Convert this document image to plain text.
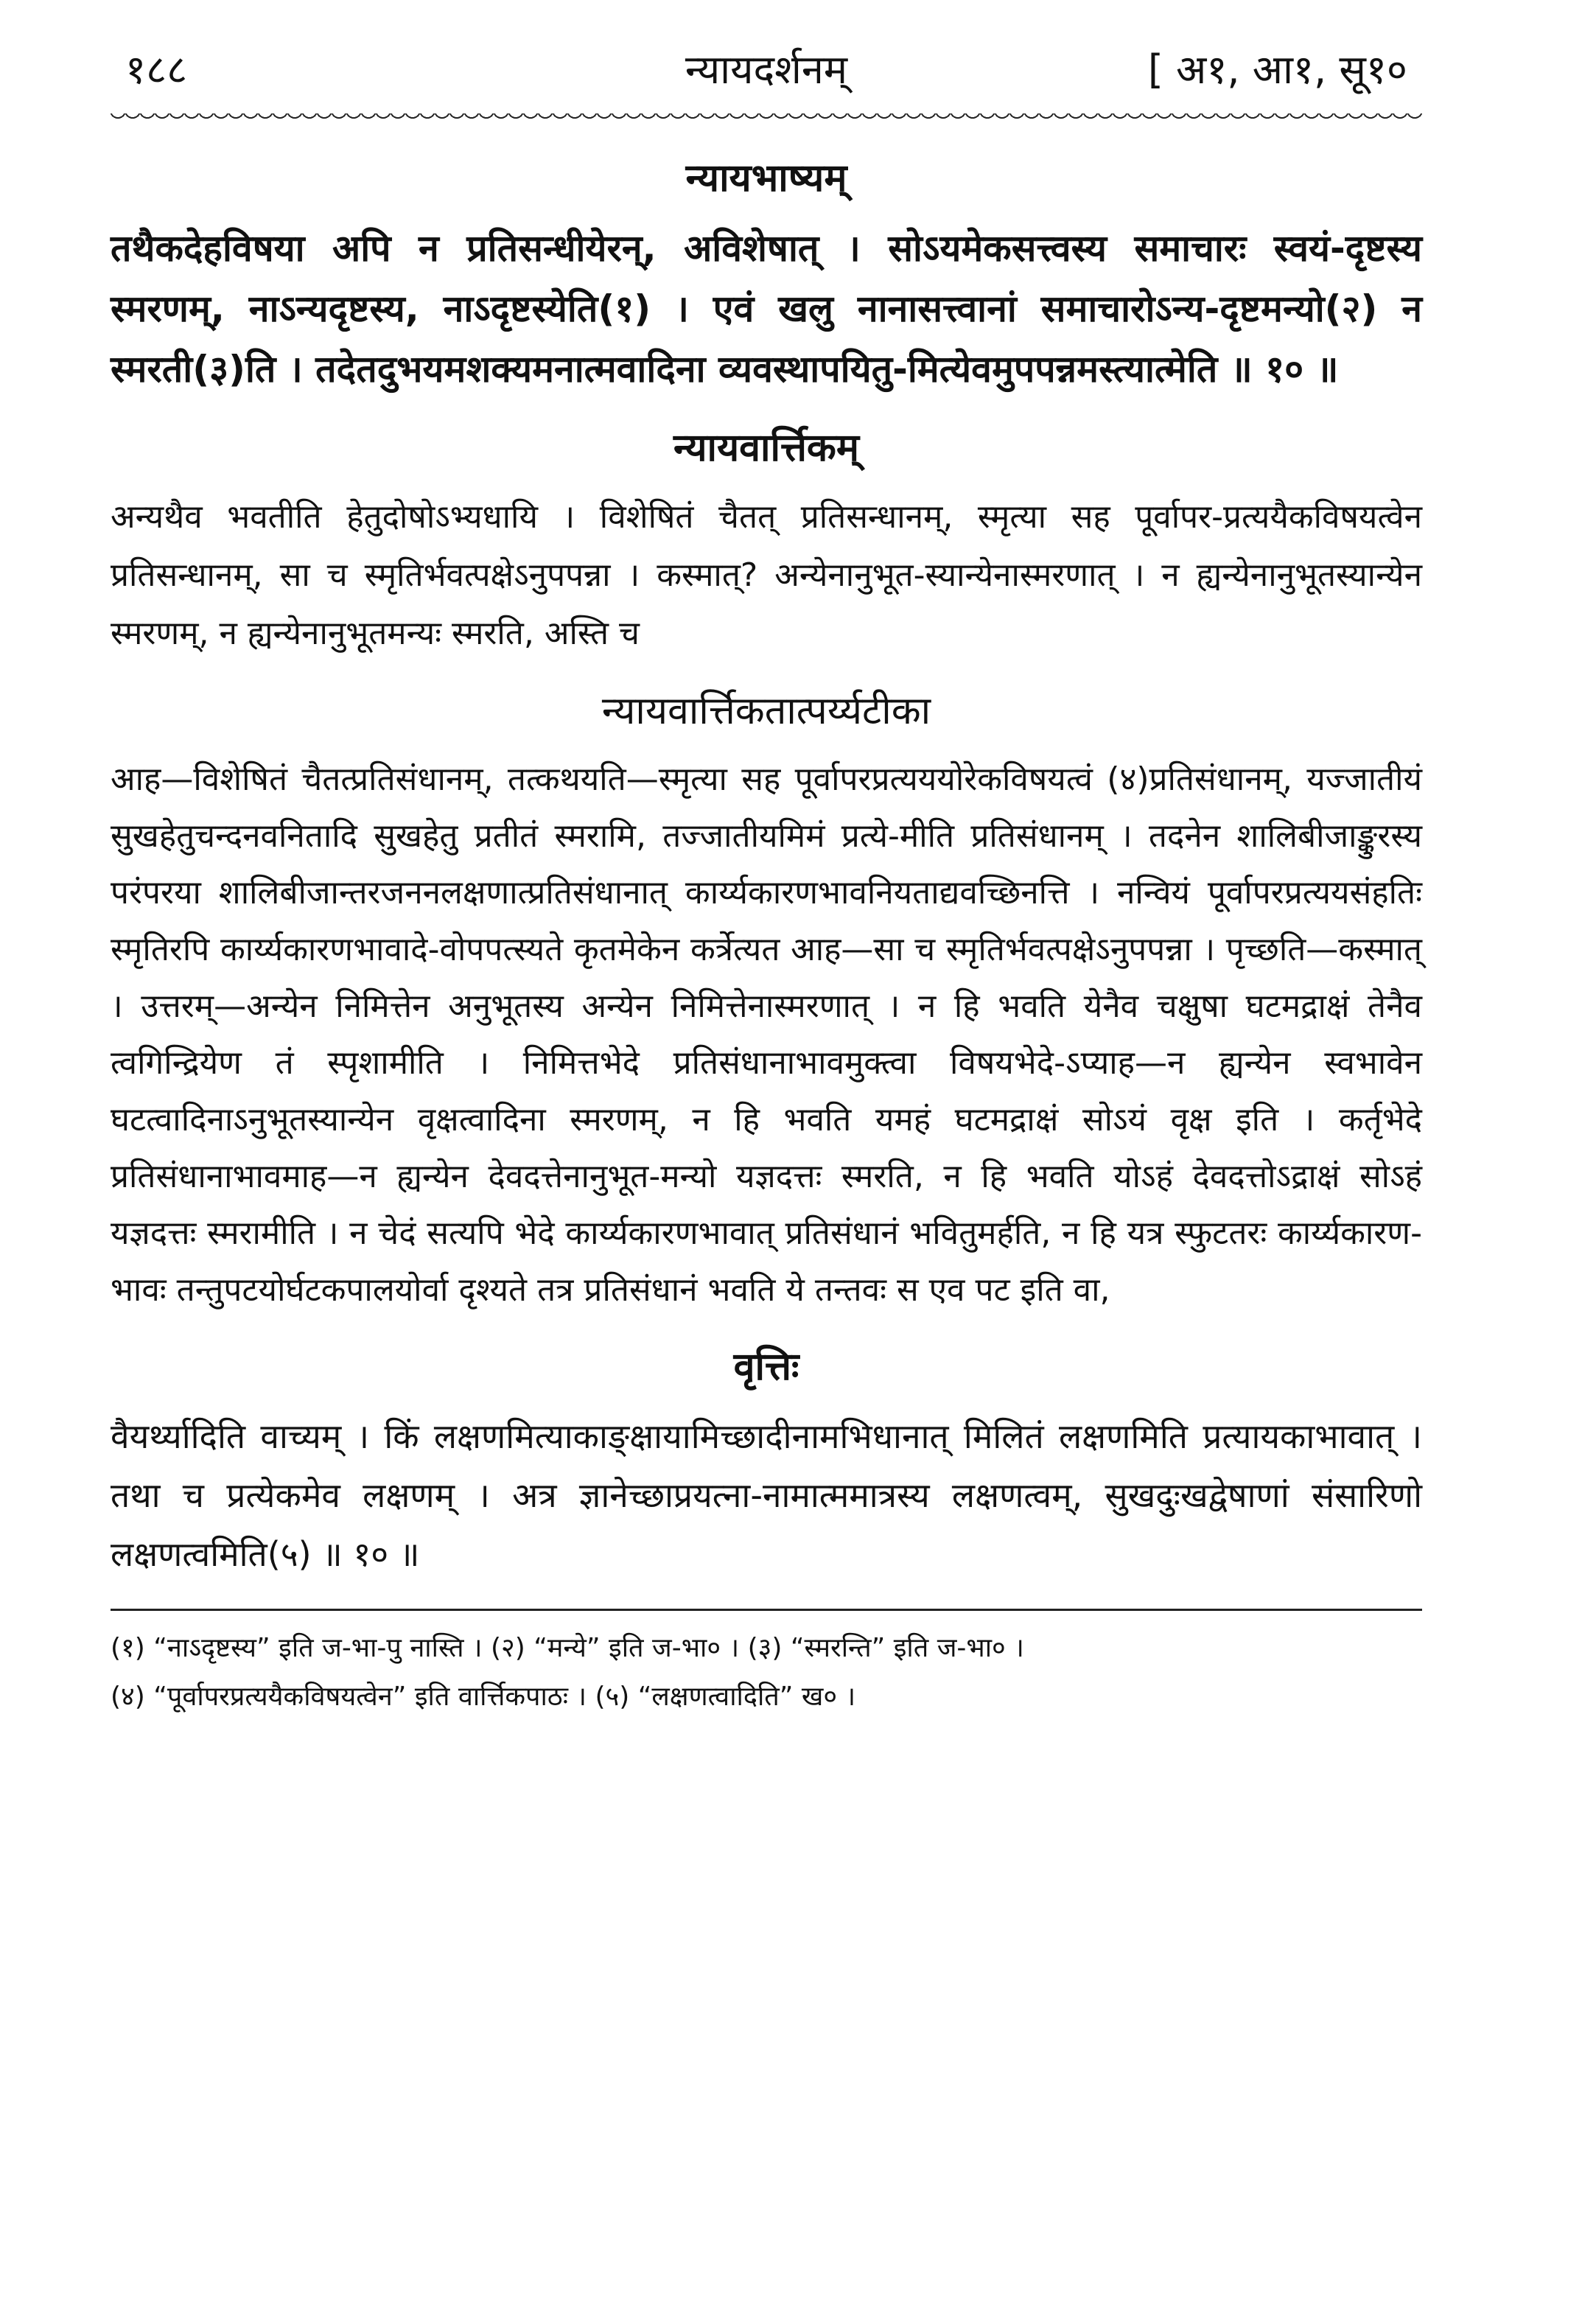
१८८	न्यायदर्शनम्	[ अ१, आ१, सू१०
न्यायभाष्यम्
तथैकदेहविषया अपि न प्रतिसन्धीयेरन्, अविशेषात् । सोऽयमेकसत्त्वस्य समाचारः स्वयं-दृष्टस्य स्मरणम्, नाऽन्यदृष्टस्य, नाऽदृष्टस्येति(१) । एवं खलु नानासत्त्वानां समाचारोऽन्य-दृष्टमन्यो(२) न स्मरती(३)ति । तदेतदुभयमशक्यमनात्मवादिना व्यवस्थापयितु-मित्येवमुपपन्नमस्त्यात्मेति ॥ १० ॥
न्यायवार्त्तिकम्
अन्यथैव भवतीति हेतुदोषोऽभ्यधायि । विशेषितं चैतत् प्रतिसन्धानम्, स्मृत्या सह पूर्वापर-प्रत्ययैकविषयत्वेन प्रतिसन्धानम्, सा च स्मृतिर्भवत्पक्षेऽनुपपन्ना । कस्मात्? अन्येनानुभूत-स्यान्येनास्मरणात् । न ह्यन्येनानुभूतस्यान्येन स्मरणम्, न ह्यन्येनानुभूतमन्यः स्मरति, अस्ति च
न्यायवार्त्तिकतात्पर्य्यटीका
आह—विशेषितं चैतत्प्रतिसंधानम्, तत्कथयति—स्मृत्या सह पूर्वापरप्रत्यययोरेकविषयत्वं (४)प्रतिसंधानम्, यज्जातीयं सुखहेतुचन्दनवनितादि सुखहेतु प्रतीतं स्मरामि, तज्जातीयमिमं प्रत्ये-मीति प्रतिसंधानम् । तदनेन शालिबीजाङ्कुरस्य परंपरया शालिबीजान्तरजननलक्षणात्प्रतिसंधानात् कार्य्यकारणभावनियताद्यवच्छिनत्ति । नन्वियं पूर्वापरप्रत्ययसंहतिः स्मृतिरपि कार्य्यकारणभावादे-वोपपत्स्यते कृतमेकेन कर्त्रेत्यत आह—सा च स्मृतिर्भवत्पक्षेऽनुपपन्ना । पृच्छति—कस्मात् । उत्तरम्—अन्येन निमित्तेन अनुभूतस्य अन्येन निमित्तेनास्मरणात् । न हि भवति येनैव चक्षुषा घटमद्राक्षं तेनैव त्वगिन्द्रियेण तं स्पृशामीति । निमित्तभेदे प्रतिसंधानाभावमुक्त्वा विषयभेदे-ऽप्याह—न ह्यन्येन स्वभावेन घटत्वादिनाऽनुभूतस्यान्येन वृक्षत्वादिना स्मरणम्, न हि भवति यमहं घटमद्राक्षं सोऽयं वृक्ष इति । कर्तृभेदे प्रतिसंधानाभावमाह—न ह्यन्येन देवदत्तेनानुभूत-मन्यो यज्ञदत्तः स्मरति, न हि भवति योऽहं देवदत्तोऽद्राक्षं सोऽहं यज्ञदत्तः स्मरामीति । न चेदं सत्यपि भेदे कार्य्यकारणभावात् प्रतिसंधानं भवितुमर्हति, न हि यत्र स्फुटतरः कार्य्यकारण-भावः तन्तुपटयोर्घटकपालयोर्वा दृश्यते तत्र प्रतिसंधानं भवति ये तन्तवः स एव पट इति वा,
वृत्तिः
वैयर्थ्यादिति वाच्यम् । किं लक्षणमित्याकाङ्क्षायामिच्छादीनामभिधानात् मिलितं लक्षणमिति प्रत्यायकाभावात् । तथा च प्रत्येकमेव लक्षणम् । अत्र ज्ञानेच्छाप्रयत्ना-नामात्ममात्रस्य लक्षणत्वम्, सुखदुःखद्वेषाणां संसारिणो लक्षणत्वमिति(५) ॥ १० ॥
(१) “नाऽदृष्टस्य” इति ज-भा-पु नास्ति । (२) “मन्ये” इति ज-भा० । (३) “स्मरन्ति” इति ज-भा० ।
(४) “पूर्वापरप्रत्ययैकविषयत्वेन” इति वार्त्तिकपाठः । (५) “लक्षणत्वादिति” ख० ।
